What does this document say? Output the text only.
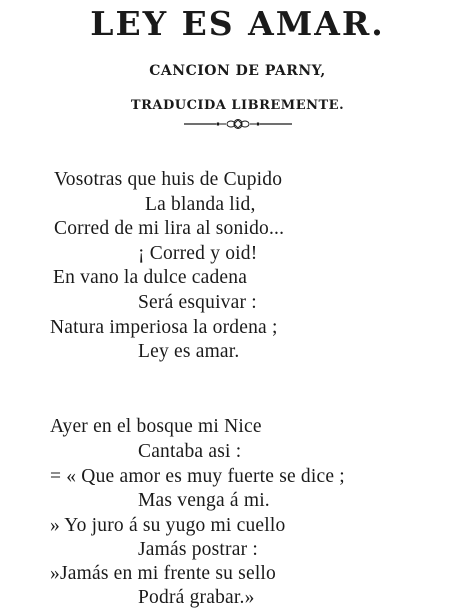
LEY ES AMAR.
CANCION DE PARNY,
TRADUCIDA LIBREMENTE.
Vosotras que huis de Cupido
La blanda lid,
Corred de mi lira al sonido...
¡ Corred y oid!
En vano la dulce cadena
Será esquivar :
Natura imperiosa la ordena ;
Ley es amar.
Ayer en el bosque mi Nice
Cantaba asi :
= « Que amor es muy fuerte se dice ;
Mas venga á mi.
» Yo juro á su yugo mi cuello
Jamás postrar :
»Jamás en mi frente su sello
Podrá grabar.»
